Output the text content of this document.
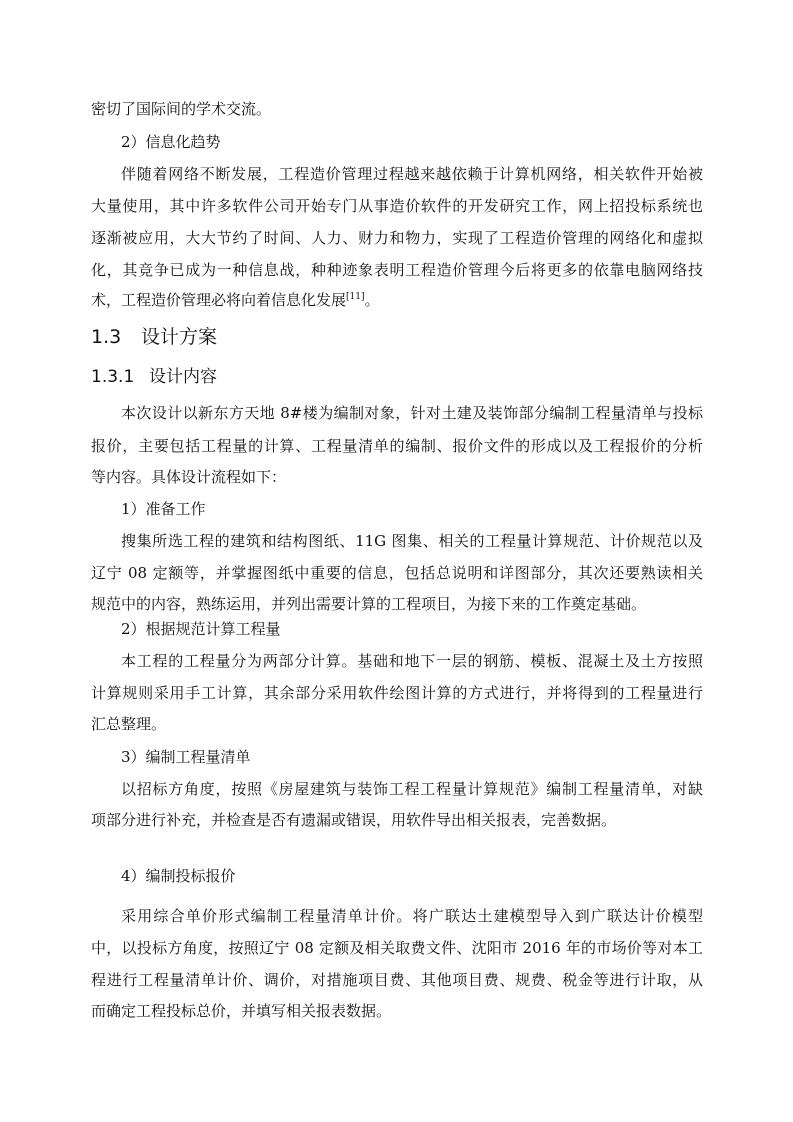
密切了国际间的学术交流。
2）信息化趋势
伴随着网络不断发展，工程造价管理过程越来越依赖于计算机网络，相关软件开始被
大量使用，其中许多软件公司开始专门从事造价软件的开发研究工作，网上招投标系统也
逐渐被应用，大大节约了时间、人力、财力和物力，实现了工程造价管理的网络化和虚拟
化，其竞争已成为一种信息战，种种迹象表明工程造价管理今后将更多的依靠电脑网络技
术，工程造价管理必将向着信息化发展[11]。
1.3 设计方案
1.3.1 设计内容
本次设计以新东方天地 8#楼为编制对象，针对土建及装饰部分编制工程量清单与投标
报价，主要包括工程量的计算、工程量清单的编制、报价文件的形成以及工程报价的分析
等内容。具体设计流程如下：
1）准备工作
搜集所选工程的建筑和结构图纸、11G 图集、相关的工程量计算规范、计价规范以及
辽宁 08 定额等，并掌握图纸中重要的信息，包括总说明和详图部分，其次还要熟读相关
规范中的内容，熟练运用，并列出需要计算的工程项目，为接下来的工作奠定基础。
2）根据规范计算工程量
本工程的工程量分为两部分计算。基础和地下一层的钢筋、模板、混凝土及土方按照
计算规则采用手工计算，其余部分采用软件绘图计算的方式进行，并将得到的工程量进行
汇总整理。
3）编制工程量清单
以招标方角度，按照《房屋建筑与装饰工程工程量计算规范》编制工程量清单，对缺
项部分进行补充，并检查是否有遗漏或错误，用软件导出相关报表，完善数据。
4）编制投标报价
采用综合单价形式编制工程量清单计价。将广联达土建模型导入到广联达计价模型
中，以投标方角度，按照辽宁 08 定额及相关取费文件、沈阳市 2016 年的市场价等对本工
程进行工程量清单计价、调价，对措施项目费、其他项目费、规费、税金等进行计取，从
而确定工程投标总价，并填写相关报表数据。
